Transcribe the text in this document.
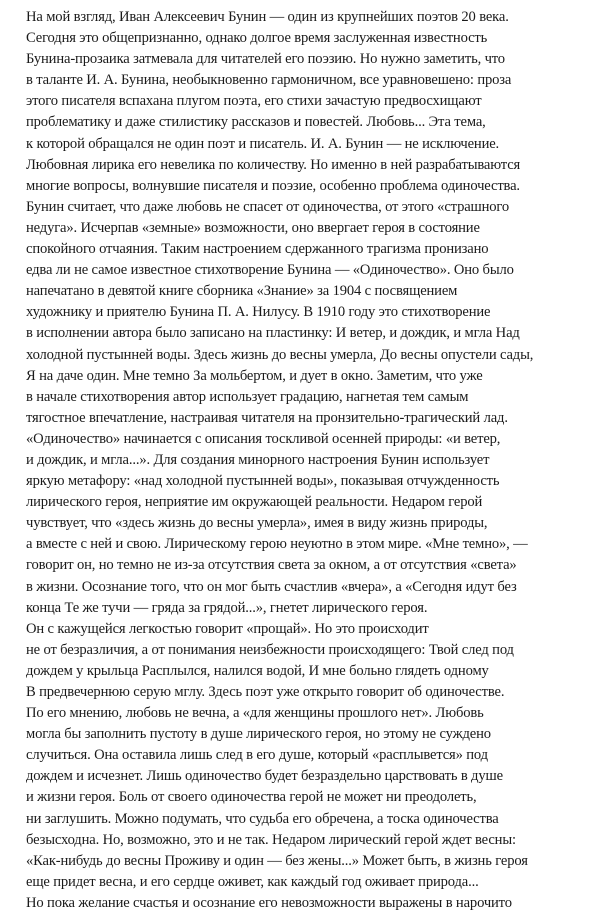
На мой взгляд, Иван Алексеевич Бунин — один из крупнейших поэтов 20 века.
Сегодня это общепризнанно, однако долгое время заслуженная известность
Бунина-прозаика затмевала для читателей его поэзию. Но нужно заметить, что
в таланте И. А. Бунина, необыкновенно гармоничном, все уравновешено: проза
этого писателя вспахана плугом поэта, его стихи зачастую предвосхищают
проблематику и даже стилистику рассказов и повестей. Любовь... Эта тема,
к которой обращался не один поэт и писатель. И. А. Бунин — не исключение.
Любовная лирика его невелика по количеству. Но именно в ней разрабатываются
многие вопросы, волнувшие писателя и поэзие, особенно проблема одиночества.
Бунин считает, что даже любовь не спасет от одиночества, от этого «страшного
недуга». Исчерпав «земные» возможности, оно ввергает героя в состояние
спокойного отчаяния. Таким настроением сдержанного трагизма пронизано
едва ли не самое известное стихотворение Бунина — «Одиночество». Оно было
напечатано в девятой книге сборника «Знание» за 1904 с посвящением
художнику и приятелю Бунина П. А. Нилусу. В 1910 году это стихотворение
в исполнении автора было записано на пластинку: И ветер, и дождик, и мгла Над
холодной пустынней воды. Здесь жизнь до весны умерла, До весны опустели сады,
Я на даче один. Мне темно За мольбертом, и дует в окно. Заметим, что уже
в начале стихотворения автор использует градацию, нагнетая тем самым
тягостное впечатление, настраивая читателя на пронзительно-трагический лад.
«Одиночество» начинается с описания тоскливой осенней природы: «и ветер,
и дождик, и мгла...». Для создания минорного настроения Бунин использует
яркую метафору: «над холодной пустынней воды», показывая отчужденность
лирического героя, неприятие им окружающей реальности. Недаром герой
чувствует, что «здесь жизнь до весны умерла», имея в виду жизнь природы,
а вместе с ней и свою. Лирическому герою неуютно в этом мире. «Мне темно», —
говорит он, но темно не из-за отсутствия света за окном, а от отсутствия «света»
в жизни. Осознание того, что он мог быть счастлив «вчера», а «Сегодня идут без
конца Те же тучи — гряда за грядой...», гнетет лирического героя.
Он с кажущейся легкостью говорит «прощай». Но это происходит
не от безразличия, а от понимания неизбежности происходящего: Твой след под
дождем у крыльца Расплылся, налился водой, И мне больно глядеть одному
В предвечернюю серую мглу. Здесь поэт уже открыто говорит об одиночестве.
По его мнению, любовь не вечна, а «для женщины прошлого нет». Любовь
могла бы заполнить пустоту в душе лирического героя, но этому не суждено
случиться. Она оставила лишь след в его душе, который «расплывется» под
дождем и исчезнет. Лишь одиночество будет безраздельно царствовать в душе
и жизни героя. Боль от своего одиночества герой не может ни преодолеть,
ни заглушить. Можно подумать, что судьба его обречена, а тоска одиночества
безысходна. Но, возможно, это и не так. Недаром лирический герой ждет весны:
«Как-нибудь до весны Проживу и один — без жены...» Может быть, в жизнь героя
еще придет весна, и его сердце оживет, как каждый год оживает природа...
Но пока желание счастья и осознание его невозможности выражены в нарочито
